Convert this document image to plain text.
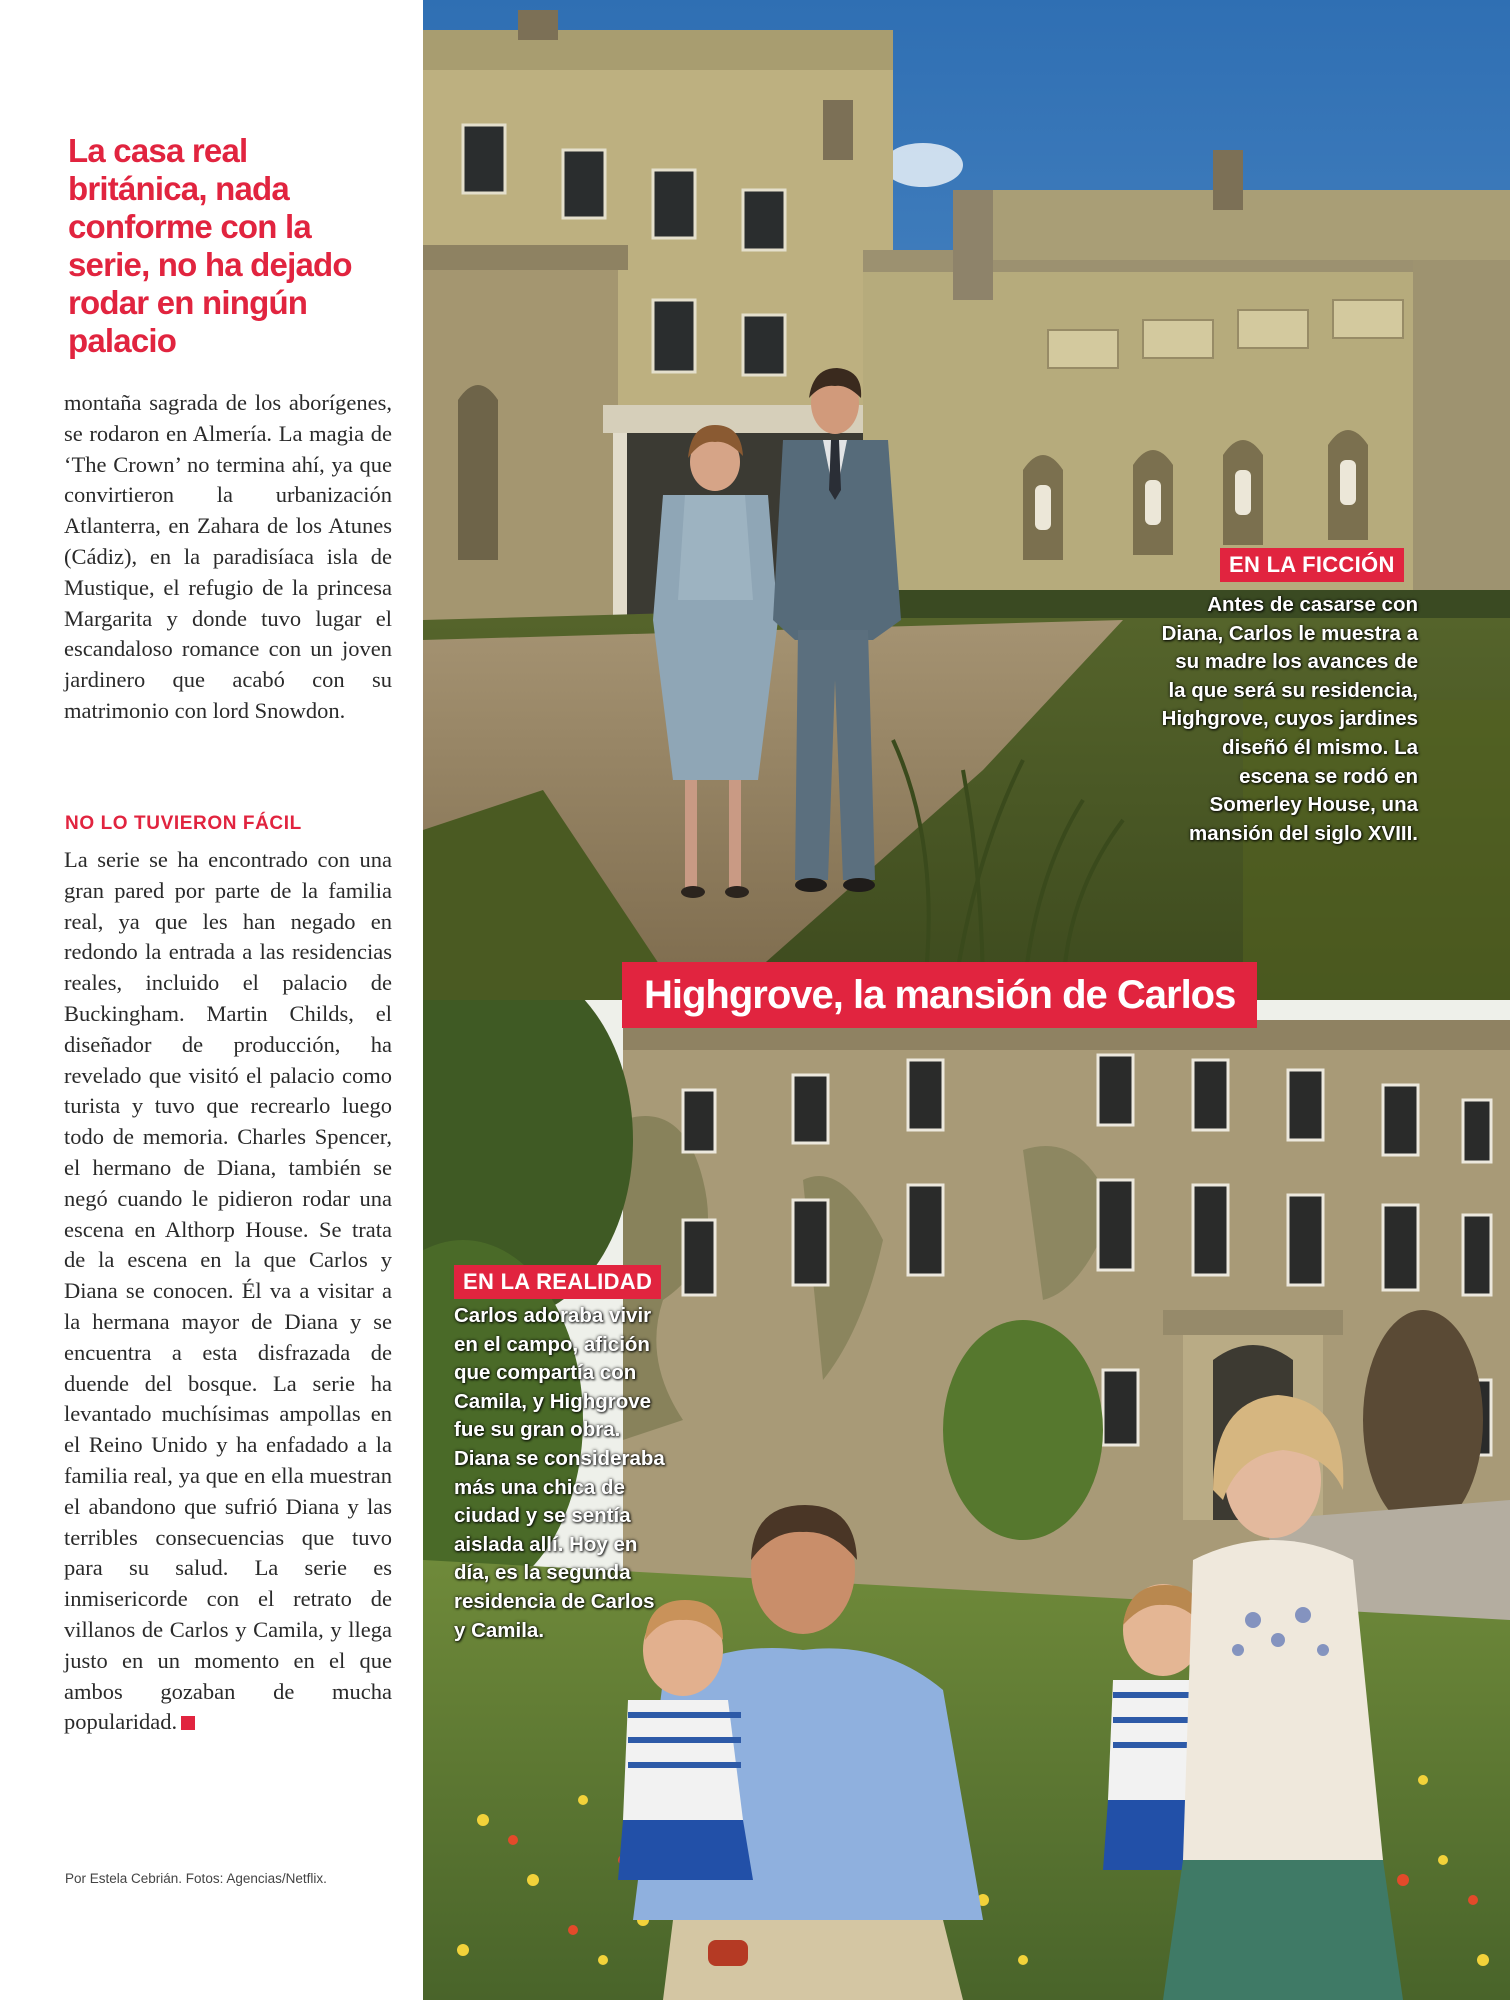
La casa real británica, nada conforme con la serie, no ha dejado rodar en ningún palacio

montaña sagrada de los aborígenes, se rodaron en Almería. La magia de ‘The Crown’ no termina ahí, ya que convirtieron la urbanización Atlanterra, en Zahara de los Atunes (Cádiz), en la paradisíaca isla de Mustique, el refugio de la princesa Margarita y donde tuvo lugar el escandaloso romance con un joven jardinero que acabó con su matrimonio con lord Snowdon.

NO LO TUVIERON FÁCIL

La serie se ha encontrado con una gran pared por parte de la familia real, ya que les han negado en redondo la entrada a las residencias reales, incluido el palacio de Buckingham. Martin Childs, el diseñador de producción, ha revelado que visitó el palacio como turista y tuvo que recrearlo luego todo de memoria. Charles Spencer, el hermano de Diana, también se negó cuando le pidieron rodar una escena en Althorp House. Se trata de la escena en la que Carlos y Diana se conocen. Él va a visitar a la hermana mayor de Diana y se encuentra a esta disfrazada de duende del bosque. La serie ha levantado muchísimas ampollas en el Reino Unido y ha enfadado a la familia real, ya que en ella muestran el abandono que sufrió Diana y las terribles consecuencias que tuvo para su salud. La serie es inmisericorde con el retrato de villanos de Carlos y Camila, y llega justo en un momento en el que ambos gozaban de mucha popularidad.

Por Estela Cebrián. Fotos: Agencias/Netflix.

EN LA FICCIÓN

Antes de casarse con Diana, Carlos le muestra a su madre los avances de la que será su residencia, Highgrove, cuyos jardines diseñó él mismo. La escena se rodó en Somerley House, una mansión del siglo XVIII.

Highgrove, la mansión de Carlos

EN LA REALIDAD

Carlos adoraba vivir en el campo, afición que compartía con Camila, y Highgrove fue su gran obra. Diana se consideraba más una chica de ciudad y se sentía aislada allí. Hoy en día, es la segunda residencia de Carlos y Camila.
